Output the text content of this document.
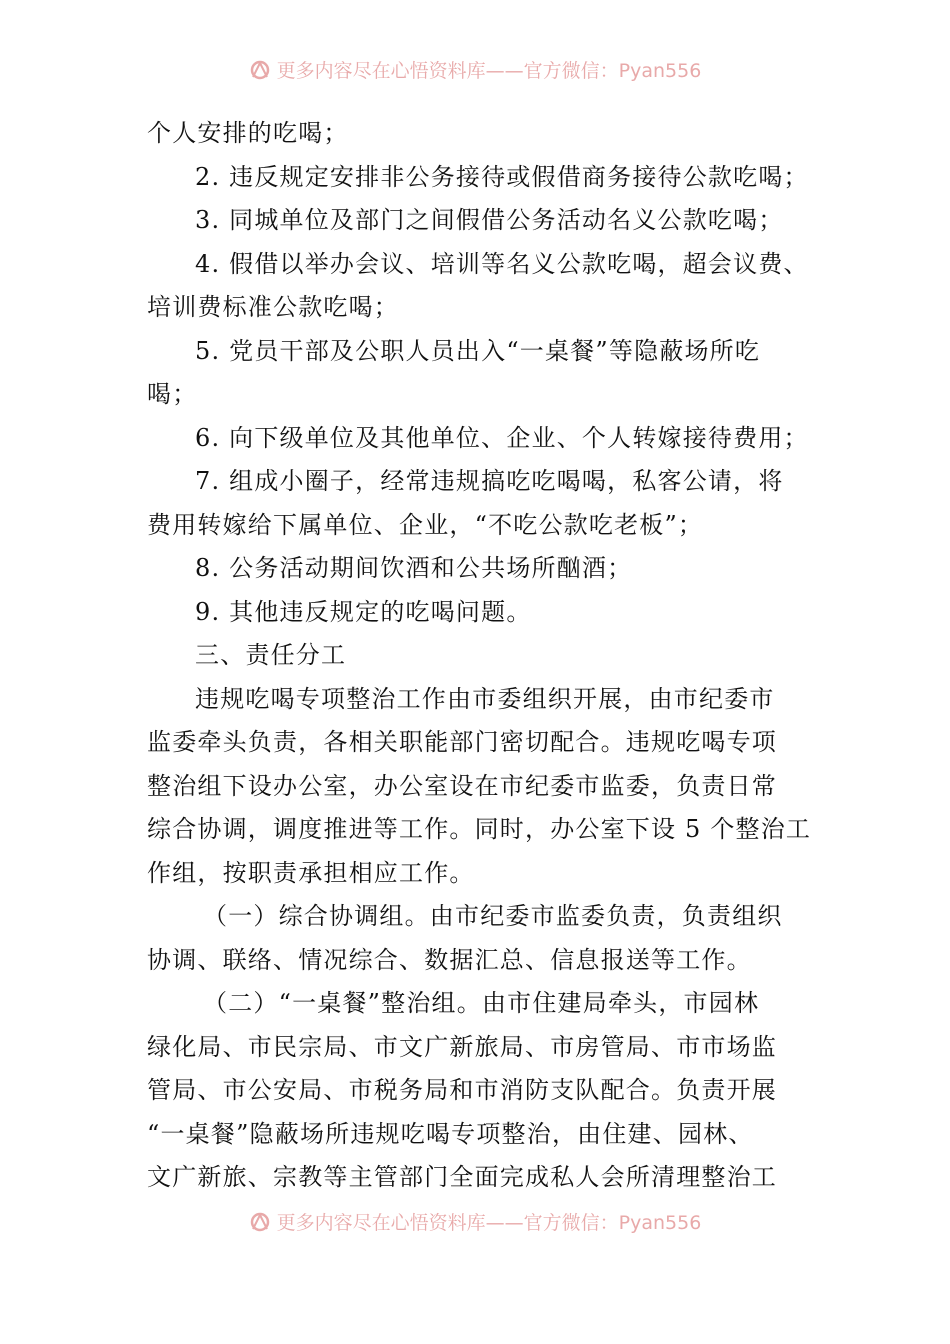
更多内容尽在心悟资料库——官方微信：Pyan556
个人安排的吃喝；
2. 违反规定安排非公务接待或假借商务接待公款吃喝；
3. 同城单位及部门之间假借公务活动名义公款吃喝；
4. 假借以举办会议、培训等名义公款吃喝，超会议费、
培训费标准公款吃喝；
5. 党员干部及公职人员出入“一桌餐”等隐蔽场所吃
喝；
6. 向下级单位及其他单位、企业、个人转嫁接待费用；
7. 组成小圈子，经常违规搞吃吃喝喝，私客公请，将
费用转嫁给下属单位、企业，“不吃公款吃老板”；
8. 公务活动期间饮酒和公共场所酗酒；
9. 其他违反规定的吃喝问题。
三、责任分工
违规吃喝专项整治工作由市委组织开展，由市纪委市
监委牵头负责，各相关职能部门密切配合。违规吃喝专项
整治组下设办公室，办公室设在市纪委市监委，负责日常
综合协调，调度推进等工作。同时，办公室下设 5 个整治工
作组，按职责承担相应工作。
（一）综合协调组。由市纪委市监委负责，负责组织
协调、联络、情况综合、数据汇总、信息报送等工作。
（二）“一桌餐”整治组。由市住建局牵头，市园林
绿化局、市民宗局、市文广新旅局、市房管局、市市场监
管局、市公安局、市税务局和市消防支队配合。负责开展
“一桌餐”隐蔽场所违规吃喝专项整治，由住建、园林、
文广新旅、宗教等主管部门全面完成私人会所清理整治工
更多内容尽在心悟资料库——官方微信：Pyan556
